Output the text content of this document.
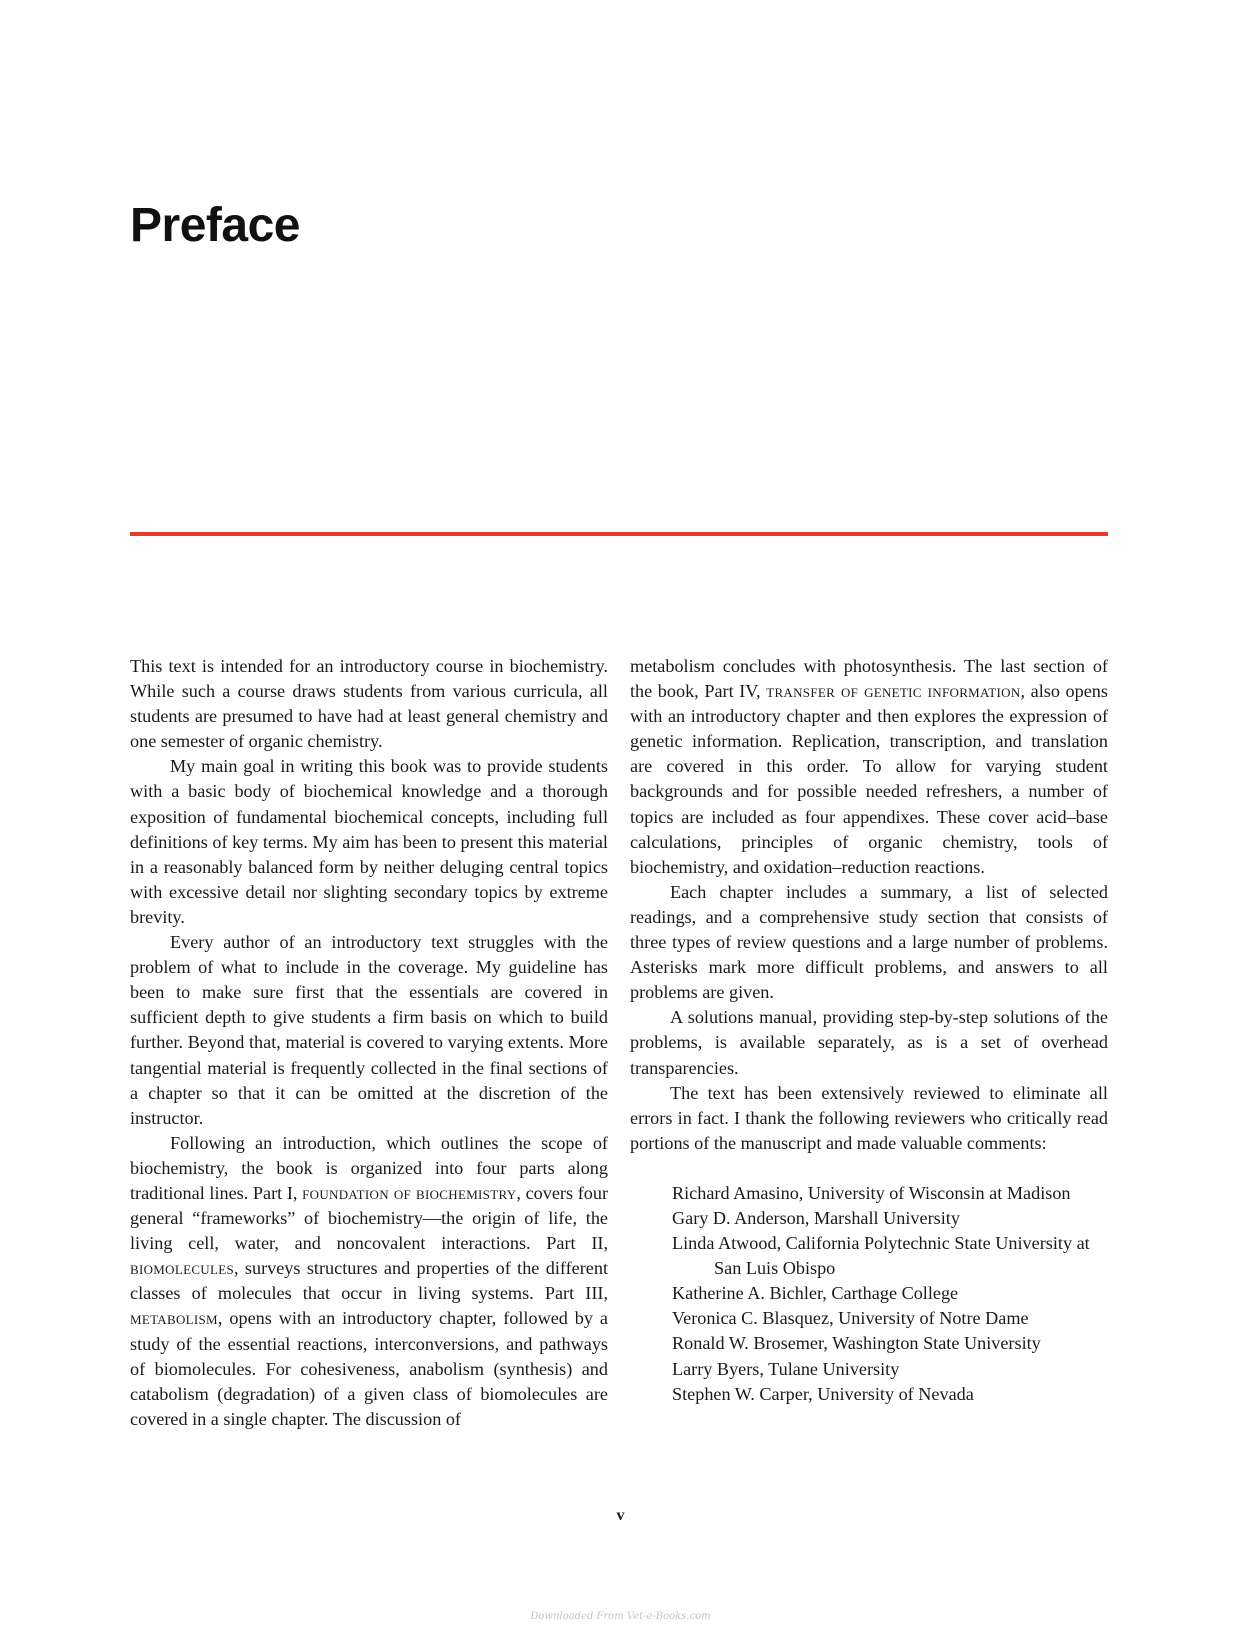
Preface

This text is intended for an introductory course in biochemistry. While such a course draws students from various curricula, all students are presumed to have had at least general chemistry and one semester of organic chemistry.

My main goal in writing this book was to provide students with a basic body of biochemical knowledge and a thorough exposition of fundamental biochemical concepts, including full definitions of key terms. My aim has been to present this material in a reasonably balanced form by neither deluging central topics with excessive detail nor slighting secondary topics by extreme brevity.

Every author of an introductory text struggles with the problem of what to include in the coverage. My guideline has been to make sure first that the essentials are covered in sufficient depth to give students a firm basis on which to build further. Beyond that, material is covered to varying extents. More tangential material is frequently collected in the final sections of a chapter so that it can be omitted at the discretion of the instructor.

Following an introduction, which outlines the scope of biochemistry, the book is organized into four parts along traditional lines. Part I, foundation of biochemistry, covers four general “frameworks” of biochemistry—the origin of life, the living cell, water, and noncovalent interactions. Part II, biomolecules, surveys structures and properties of the different classes of molecules that occur in living systems. Part III, metabolism, opens with an introductory chapter, followed by a study of the essential reactions, interconversions, and pathways of biomolecules. For cohesiveness, anabolism (synthesis) and catabolism (degradation) of a given class of biomolecules are covered in a single chapter. The discussion of

metabolism concludes with photosynthesis. The last section of the book, Part IV, transfer of genetic information, also opens with an introductory chapter and then explores the expression of genetic information. Replication, transcription, and translation are covered in this order. To allow for varying student backgrounds and for possible needed refreshers, a number of topics are included as four appendixes. These cover acid–base calculations, principles of organic chemistry, tools of biochemistry, and oxidation–reduction reactions.

Each chapter includes a summary, a list of selected readings, and a comprehensive study section that consists of three types of review questions and a large number of problems. Asterisks mark more difficult problems, and answers to all problems are given.

A solutions manual, providing step-by-step solutions of the problems, is available separately, as is a set of overhead transparencies.

The text has been extensively reviewed to eliminate all errors in fact. I thank the following reviewers who critically read portions of the manuscript and made valuable comments:

Richard Amasino, University of Wisconsin at Madison
Gary D. Anderson, Marshall University
Linda Atwood, California Polytechnic State University at San Luis Obispo
Katherine A. Bichler, Carthage College
Veronica C. Blasquez, University of Notre Dame
Ronald W. Brosemer, Washington State University
Larry Byers, Tulane University
Stephen W. Carper, University of Nevada
v
Downloaded From Vet-e-Books.com
